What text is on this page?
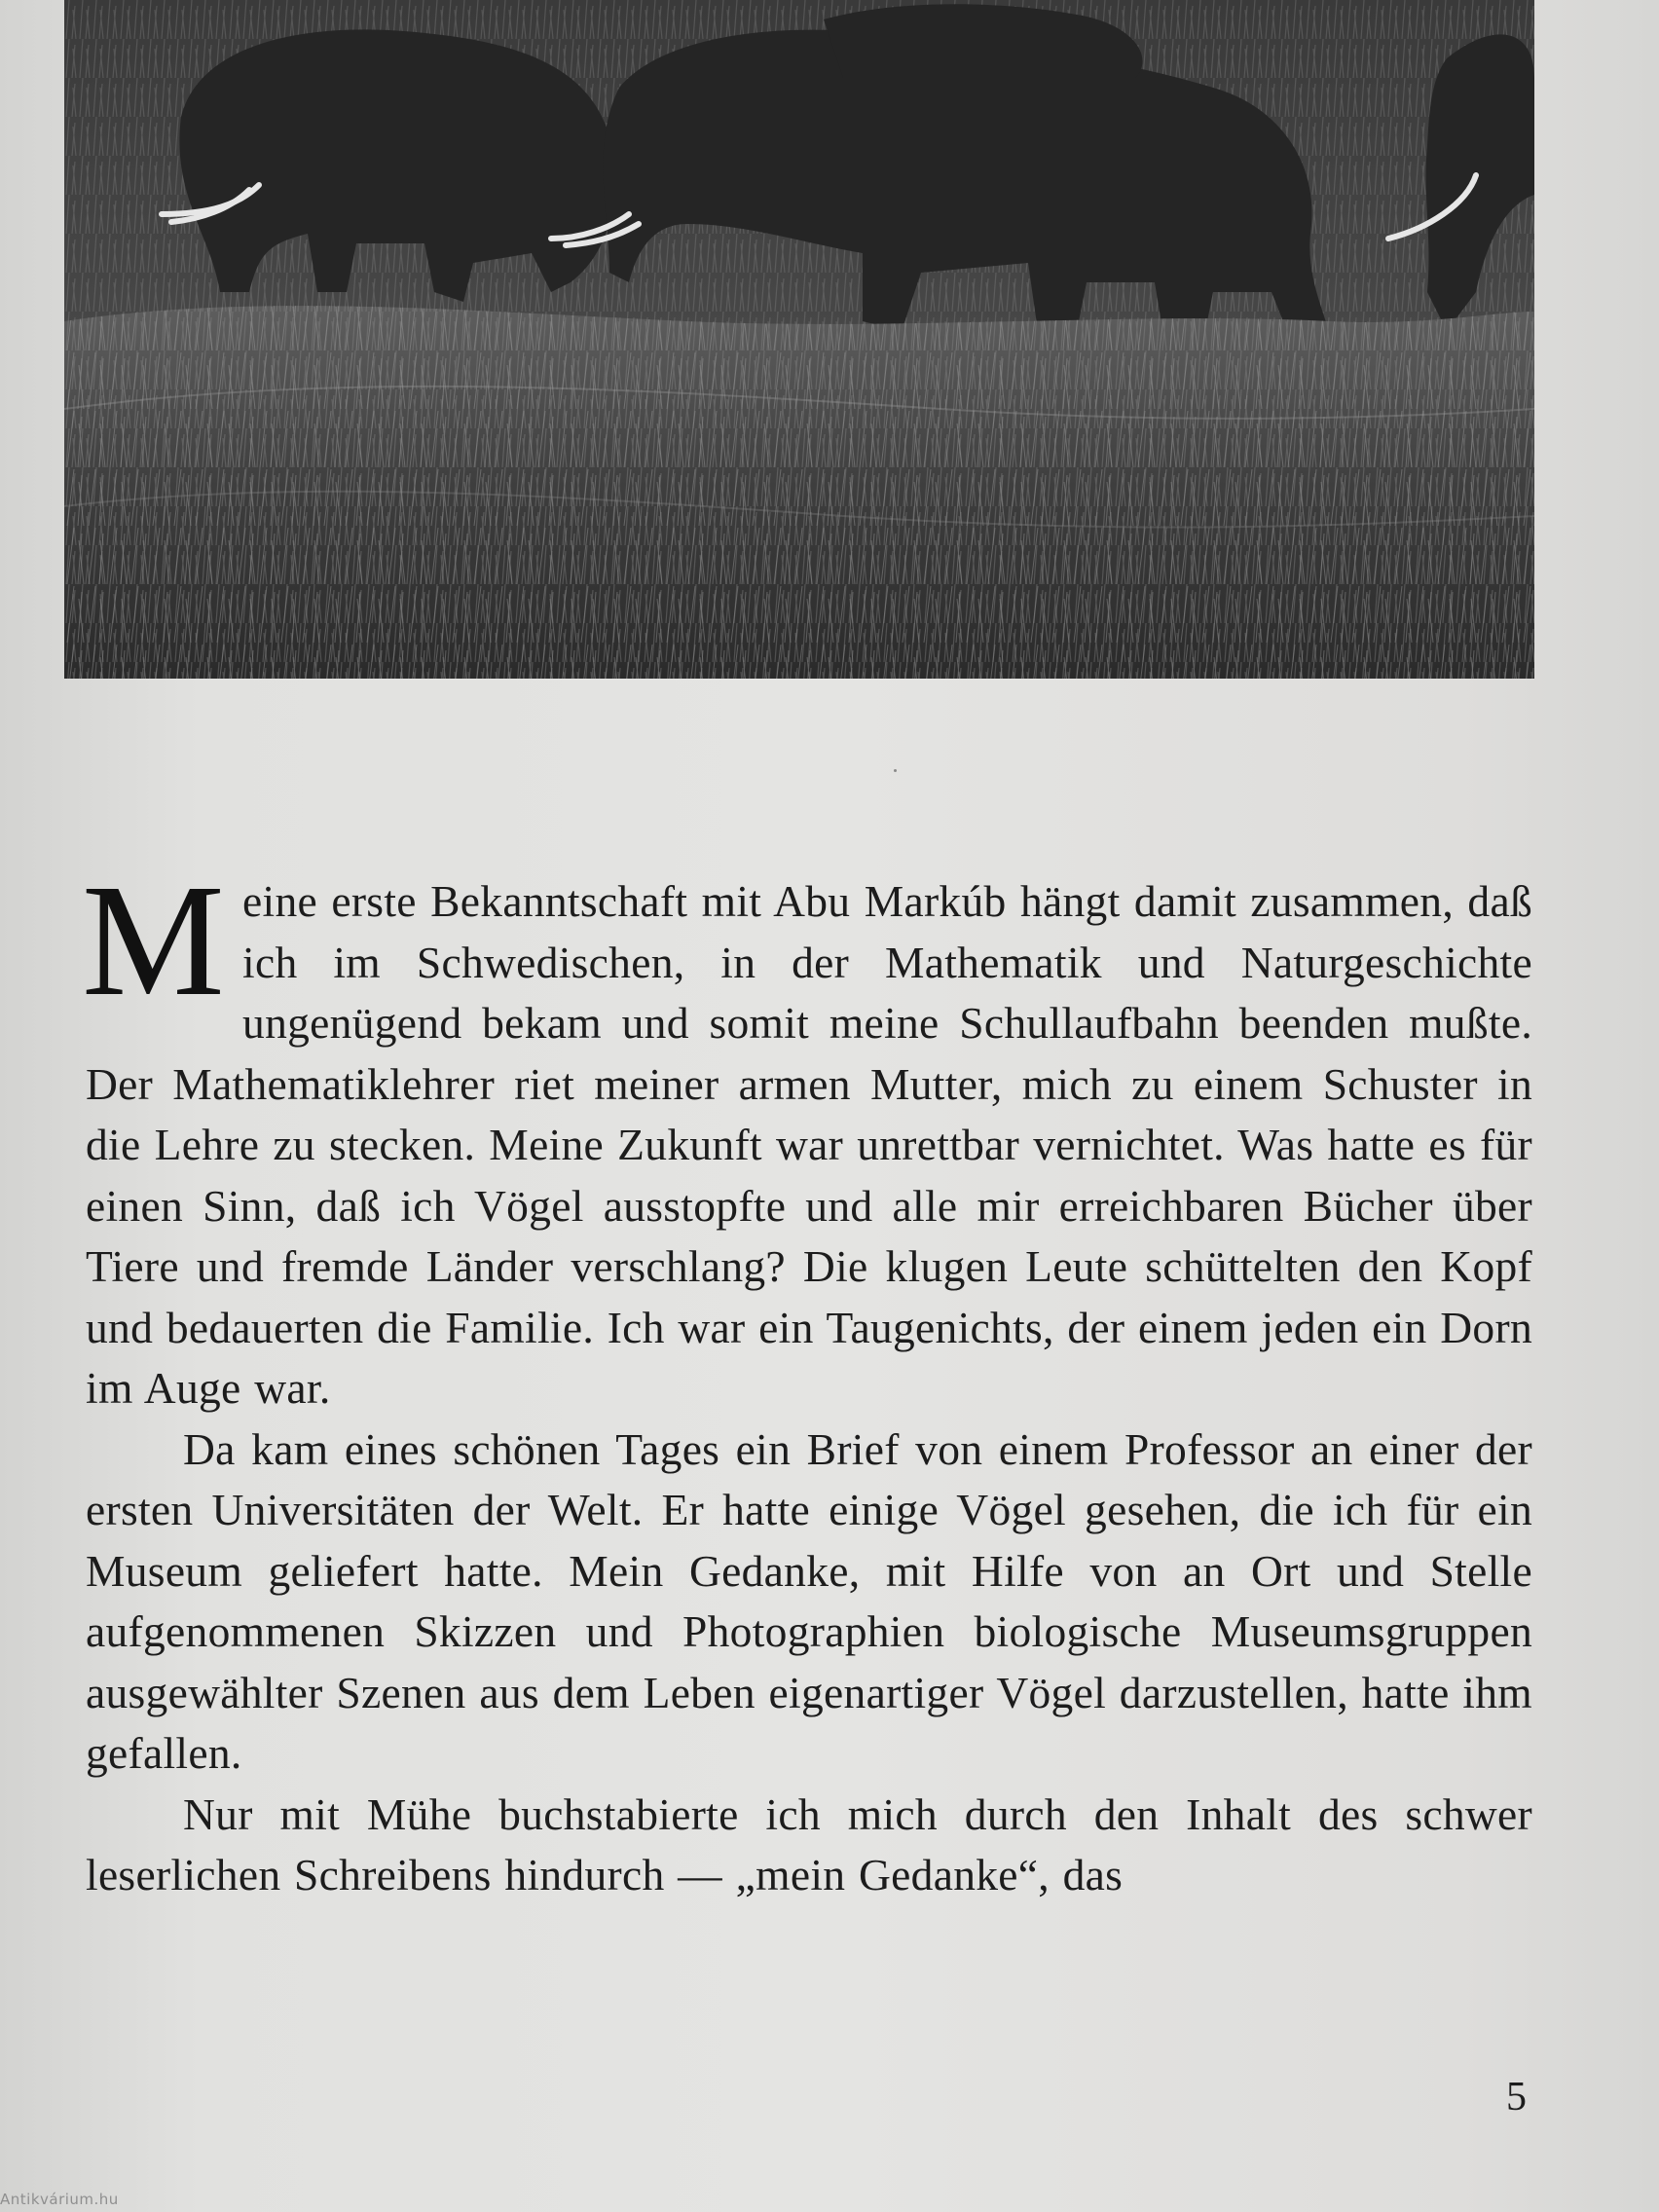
Meine erste Bekanntschaft mit Abu Markúb hängt damit zusammen, daß ich im Schwedischen, in der Mathematik und Naturgeschichte ungenügend bekam und somit meine Schullaufbahn beenden mußte. Der Mathematiklehrer riet meiner armen Mutter, mich zu einem Schuster in die Lehre zu stecken. Meine Zukunft war unrettbar vernichtet. Was hatte es für einen Sinn, daß ich Vögel ausstopfte und alle mir erreichbaren Bücher über Tiere und fremde Länder verschlang? Die klugen Leute schüttelten den Kopf und bedauerten die Familie. Ich war ein Taugenichts, der einem jeden ein Dorn im Auge war.

Da kam eines schönen Tages ein Brief von einem Professor an einer der ersten Universitäten der Welt. Er hatte einige Vögel gesehen, die ich für ein Museum geliefert hatte. Mein Gedanke, mit Hilfe von an Ort und Stelle aufgenommenen Skizzen und Photographien biologische Museumsgruppen ausgewählter Szenen aus dem Leben eigenartiger Vögel darzustellen, hatte ihm gefallen.

Nur mit Mühe buchstabierte ich mich durch den Inhalt des schwer leserlichen Schreibens hindurch — „mein Gedanke“, das

5
Antikvárium.hu
